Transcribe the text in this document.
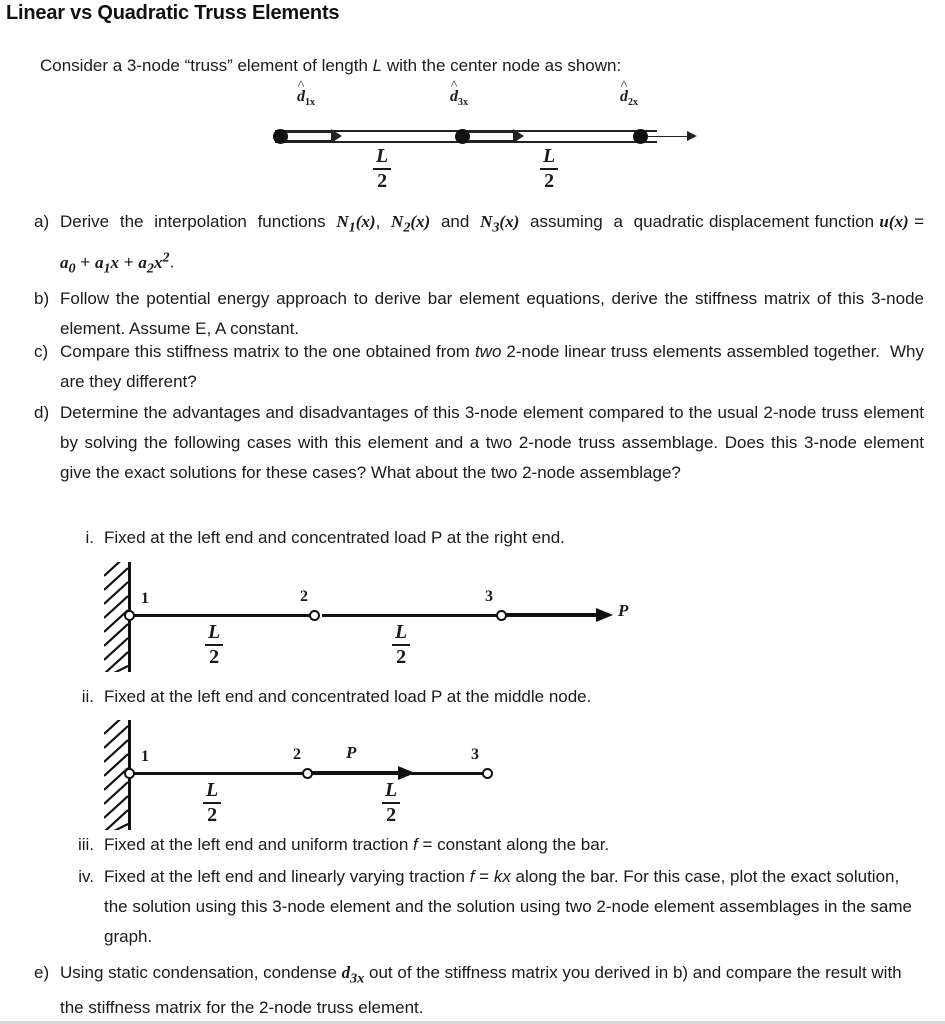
Linear vs Quadratic Truss Elements
Consider a 3-node “truss” element of length L with the center node as shown:
^ $d_{1x}$	^ $d_{3x}$	^ $d_{2x}$
$\frac{L}{2}$	$\frac{L}{2}$
a) Derive  the  interpolation  functions  $N_1(x)$,  $N_2(x)$  and  $N_3(x)$  assuming  a  quadratic displacement function $u(x) = a_0 + a_1x + a_2x^2$.
b) Follow the potential energy approach to derive bar element equations, derive the stiffness matrix of this 3-node element. Assume E, A constant.
c) Compare this stiffness matrix to the one obtained from two 2-node linear truss elements assembled together.  Why are they different?
d) Determine the advantages and disadvantages of this 3-node element compared to the usual 2-node truss element by solving the following cases with this element and a two 2-node truss assemblage. Does this 3-node element give the exact solutions for these cases? What about the two 2-node assemblage?
i. Fixed at the left end and concentrated load P at the right end.
1	2	3
P
$\frac{L}{2}$	$\frac{L}{2}$
ii. Fixed at the left end and concentrated load P at the middle node.
1	2	3
P
$\frac{L}{2}$	$\frac{L}{2}$
iii. Fixed at the left end and uniform traction f = constant along the bar.
iv. Fixed at the left end and linearly varying traction f = kx along the bar. For this case, plot the exact solution, the solution using this 3-node element and the solution using two 2-node element assemblages in the same graph.
e) Using static condensation, condense $d_{3x}$ out of the stiffness matrix you derived in b) and compare the result with the stiffness matrix for the 2-node truss element.
